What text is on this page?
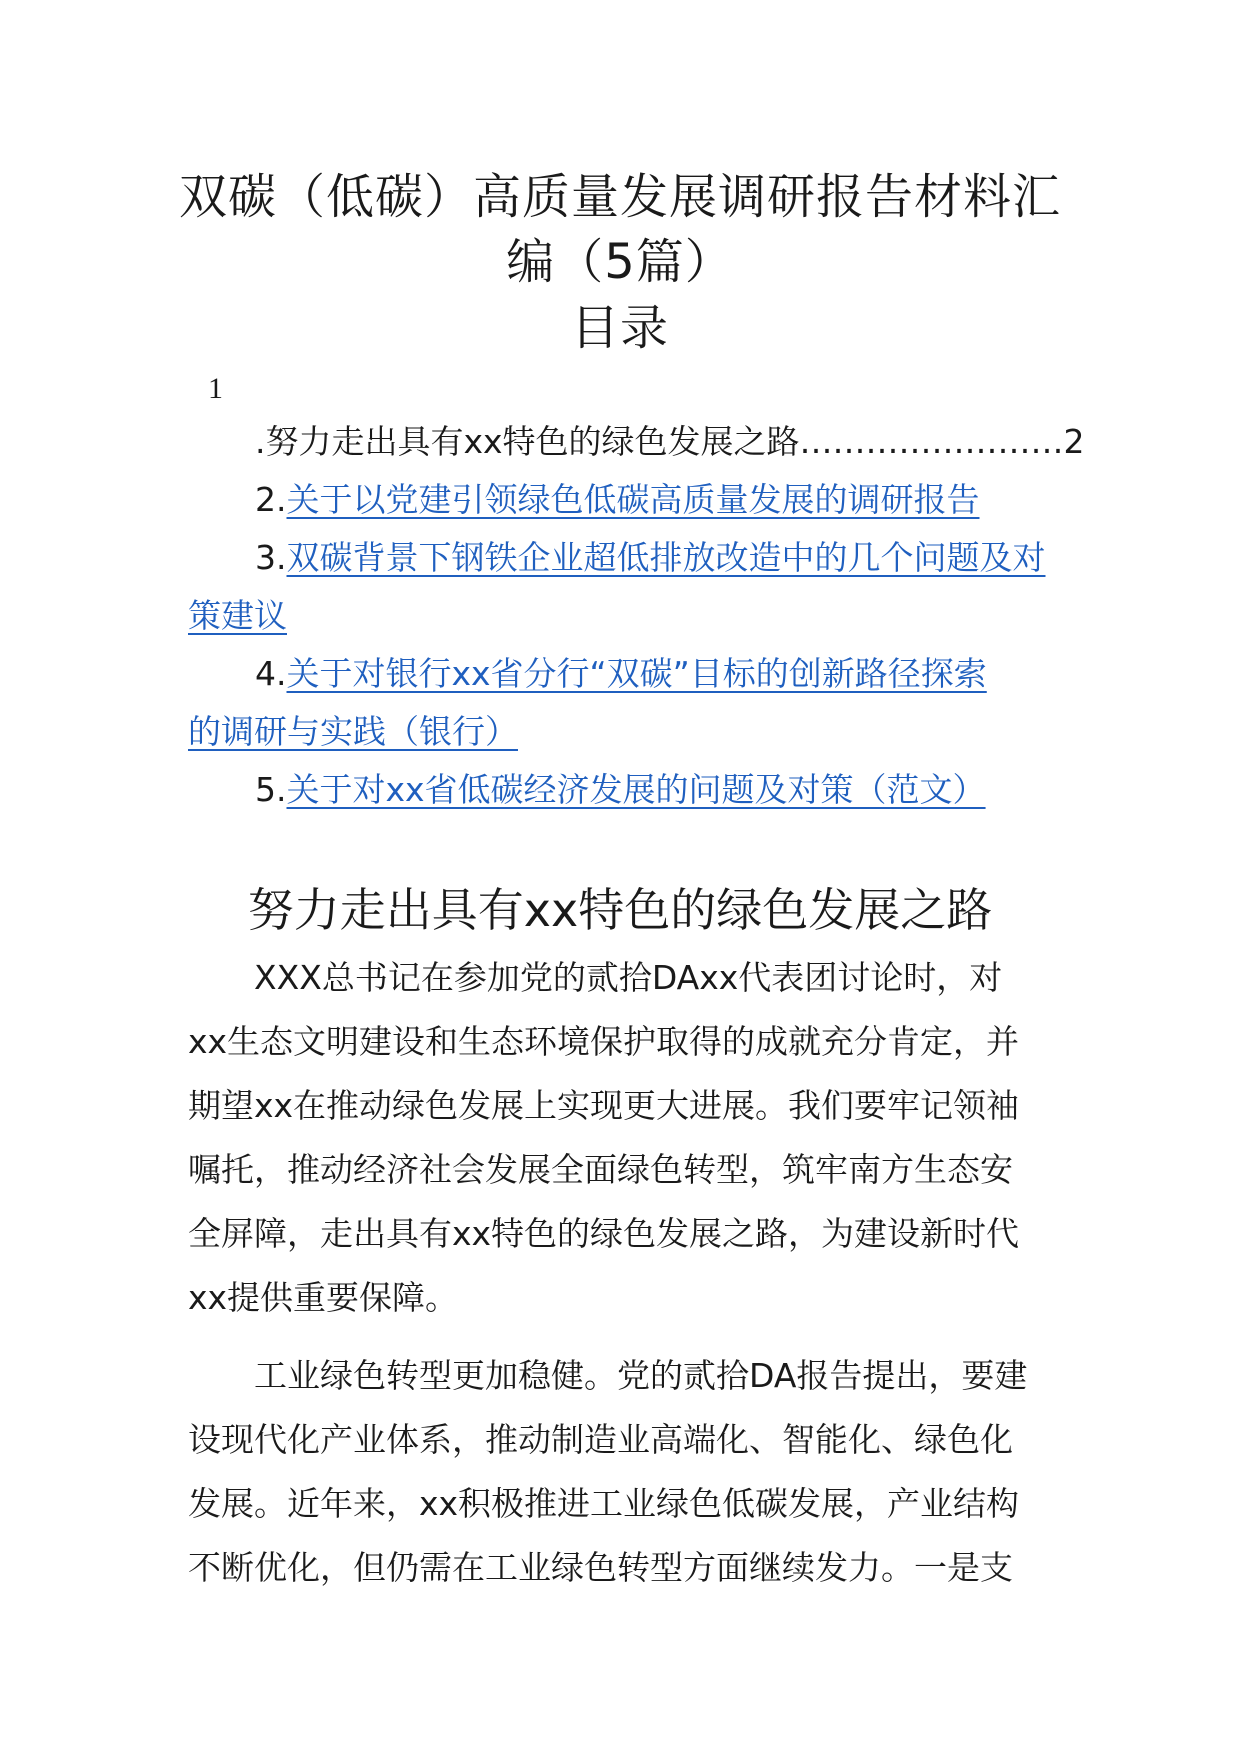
双碳（低碳）高质量发展调研报告材料汇
编（5篇）
目录
1
.努力走出具有xx特色的绿色发展之路……………………2
2.关于以党建引领绿色低碳高质量发展的调研报告
3.双碳背景下钢铁企业超低排放改造中的几个问题及对
策建议
4.关于对银行xx省分行“双碳”目标的创新路径探索
的调研与实践（银行）
5.关于对xx省低碳经济发展的问题及对策（范文）
努力走出具有xx特色的绿色发展之路
　　XXX总书记在参加党的贰拾DAxx代表团讨论时，对
xx生态文明建设和生态环境保护取得的成就充分肯定，并
期望xx在推动绿色发展上实现更大进展。我们要牢记领袖
嘱托，推动经济社会发展全面绿色转型，筑牢南方生态安
全屏障，走出具有xx特色的绿色发展之路，为建设新时代
xx提供重要保障。
　　工业绿色转型更加稳健。党的贰拾DA报告提出，要建
设现代化产业体系，推动制造业高端化、智能化、绿色化
发展。近年来，xx积极推进工业绿色低碳发展，产业结构
不断优化，但仍需在工业绿色转型方面继续发力。一是支
